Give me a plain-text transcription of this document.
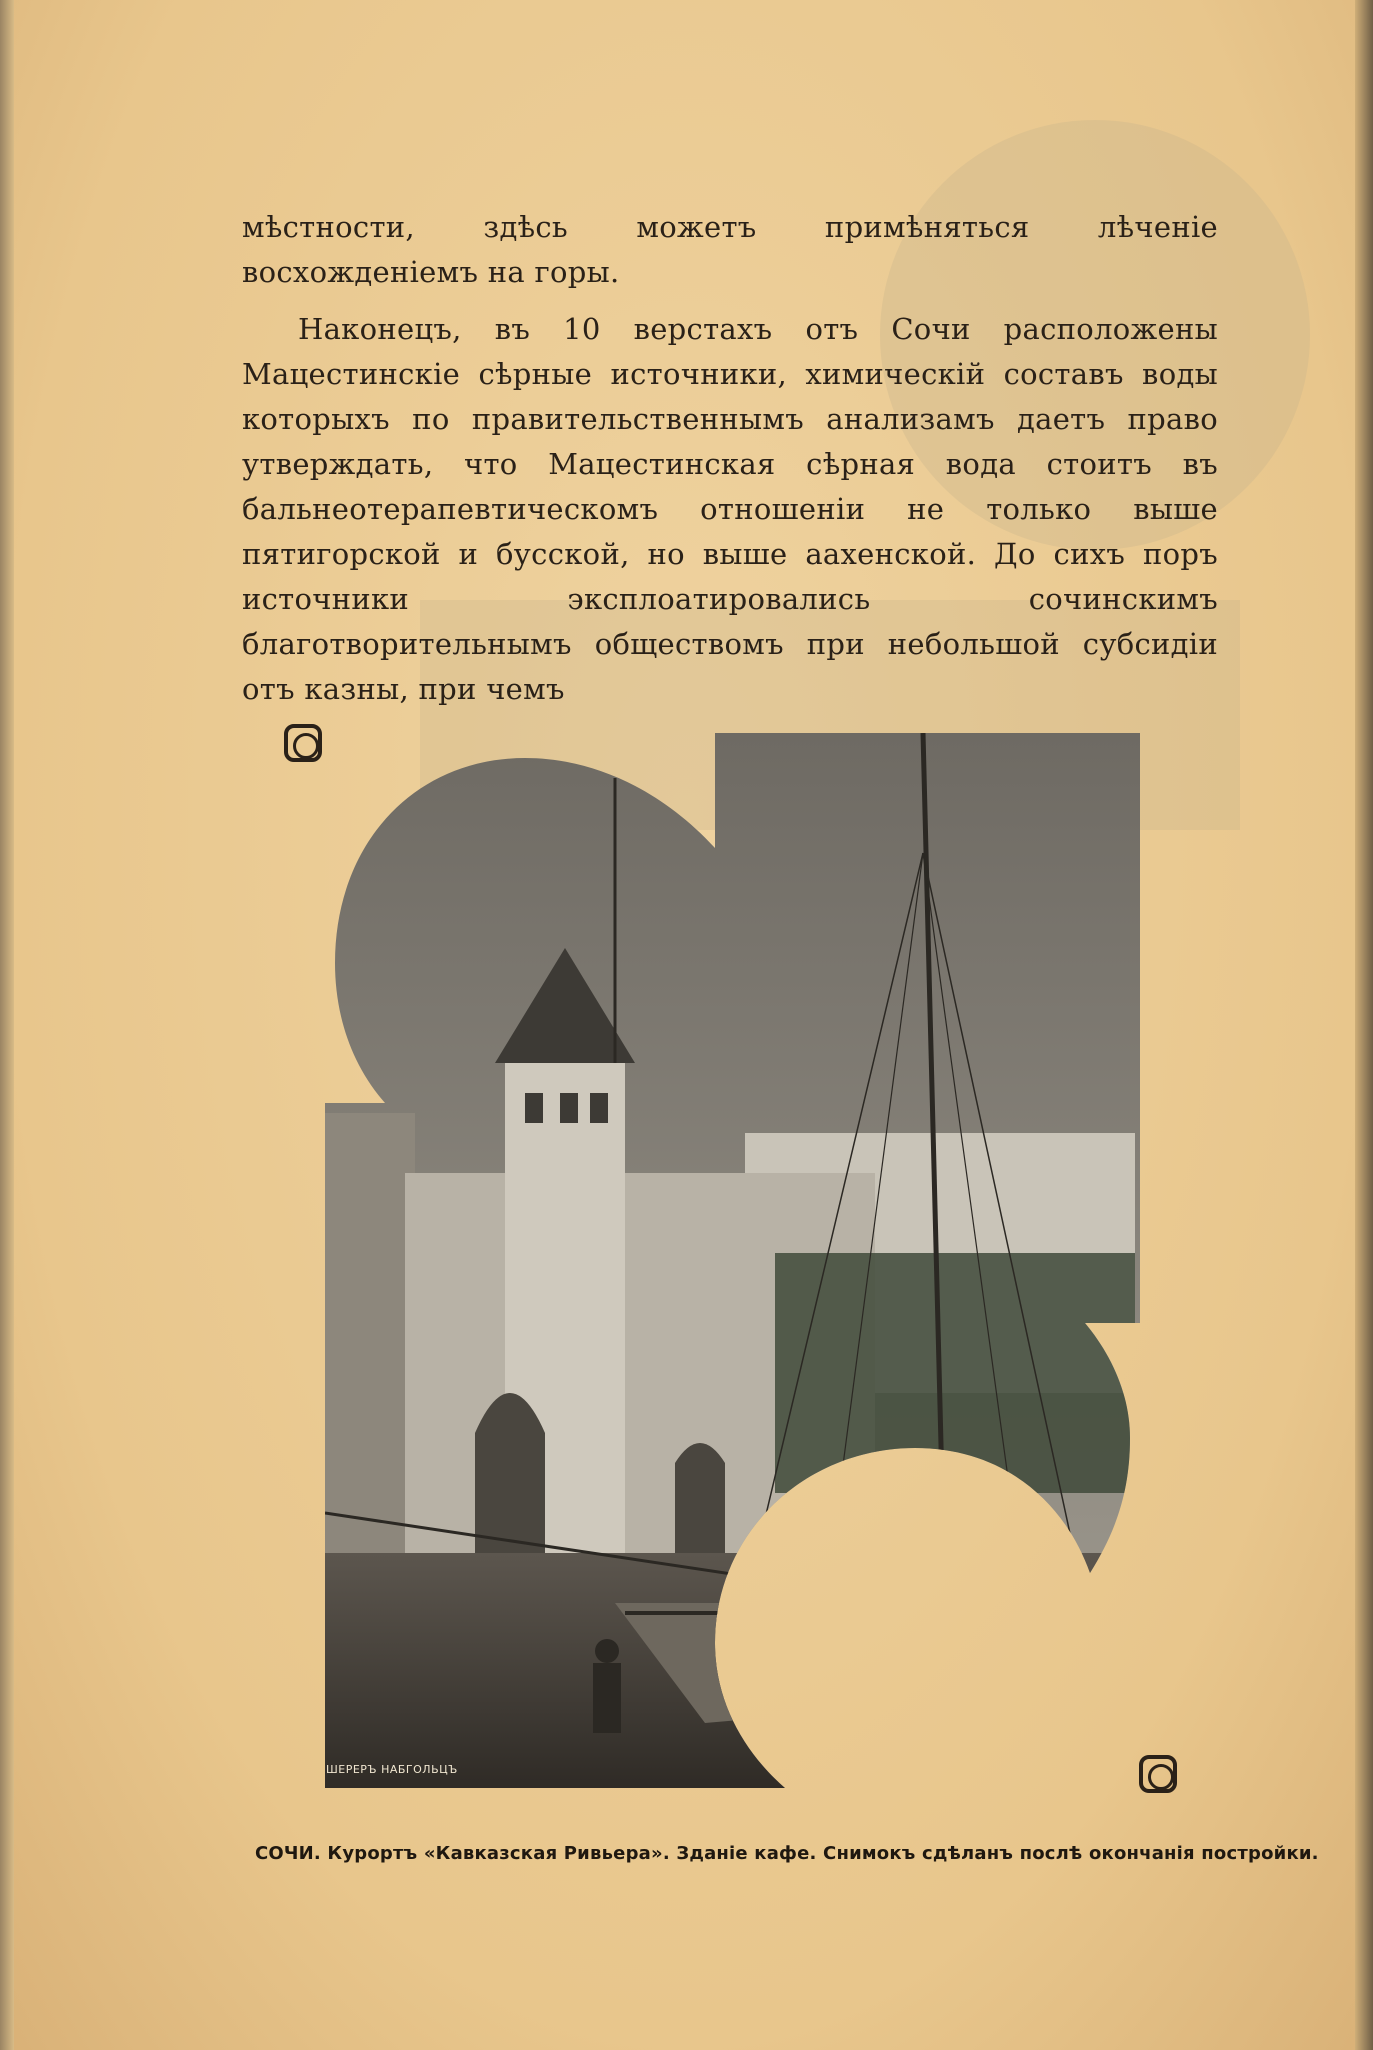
мѣстности, здѣсь можетъ примѣняться лѣченіе восхожденіемъ на горы.

Наконецъ, въ 10 верстахъ отъ Сочи расположены Мацестинскіе сѣрные источники, химическій составъ воды которыхъ по правительственнымъ анализамъ даетъ право утверждать, что Мацестинская сѣрная вода стоитъ въ бальнеотерапевтическомъ отношеніи не только выше пятигорской и бусской, но выше аахенской. До сихъ поръ источники эксплоатировались сочинскимъ благотворительнымъ обществомъ при небольшой субсидіи отъ казны, при чемъ

ШЕРЕРЪ НАБГОЛЬЦЪ
СОЧИ. Курортъ «Кавказская Ривьера». Зданіе кафе. Снимокъ сдѣланъ послѣ окончанія постройки.
